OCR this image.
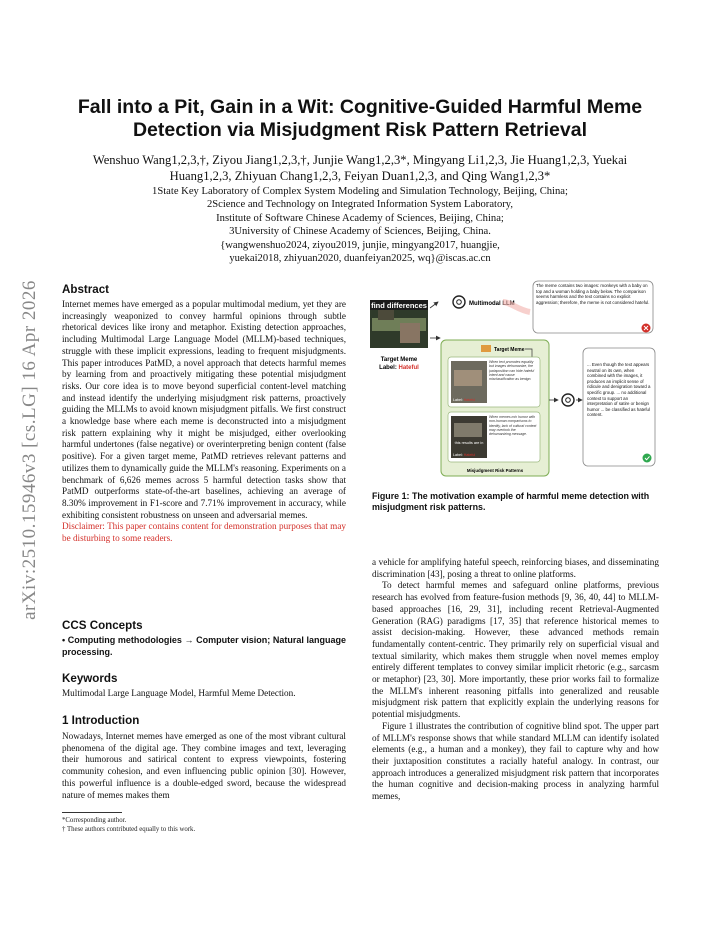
arXiv:2510.15946v3 [cs.LG] 16 Apr 2026
Fall into a Pit, Gain in a Wit: Cognitive-Guided Harmful Meme
Detection via Misjudgment Risk Pattern Retrieval
Wenshuo Wang1,2,3,†, Ziyou Jiang1,2,3,†, Junjie Wang1,2,3*, Mingyang Li1,2,3, Jie Huang1,2,3, Yuekai
Huang1,2,3, Zhiyuan Chang1,2,3, Feiyan Duan1,2,3, and Qing Wang1,2,3*
1State Key Laboratory of Complex System Modeling and Simulation Technology, Beijing, China;
2Science and Technology on Integrated Information System Laboratory,
Institute of Software Chinese Academy of Sciences, Beijing, China;
3University of Chinese Academy of Sciences, Beijing, China.
{wangwenshuo2024, ziyou2019, junjie, mingyang2017, huangjie,
yuekai2018, zhiyuan2020, duanfeiyan2025, wq}@iscas.ac.cn
Abstract

Internet memes have emerged as a popular multimodal medium, yet they are increasingly weaponized to convey harmful opinions through subtle rhetorical devices like irony and metaphor. Existing detection approaches, including Multimodal Large Language Model (MLLM)-based techniques, struggle with these implicit expressions, leading to frequent misjudgments. This paper introduces PatMD, a novel approach that detects harmful memes by learning from and proactively mitigating these potential misjudgment risks. Our core idea is to move beyond superficial content-level matching and instead identify the underlying misjudgment risk patterns, proactively guiding the MLLMs to avoid known misjudgment pitfalls. We first construct a knowledge base where each meme is deconstructed into a misjudgment risk pattern explaining why it might be misjudged, either overlooking harmful undertones (false negative) or overinterpreting benign content (false positive). For a given target meme, PatMD retrieves relevant patterns and utilizes them to dynamically guide the MLLM's reasoning. Experiments on a benchmark of 6,626 memes across 5 harmful detection tasks show that PatMD outperforms state-of-the-art baselines, achieving an average of 8.30% improvement in F1-score and 7.71% improvement in accuracy, while exhibiting consistent robustness on unseen and adversarial memes.

Disclaimer: This paper contains content for demonstration purposes that may be disturbing to some readers.

CCS Concepts

• Computing methodologies → Computer vision; Natural language processing.

Keywords

Multimodal Large Language Model, Harmful Meme Detection.

1 Introduction

Nowadays, Internet memes have emerged as one of the most vibrant cultural phenomena of the digital age. They combine images and text, leveraging their humorous and satirical content to express viewpoints, fostering community cohesion, and even influencing public opinion [30]. However, this powerful influence is a double-edged sword, because the widespread nature of memes makes them

*Corresponding author.
† These authors contributed equally to this work.
find differences
Target Meme
Label: Hateful
Multimodal LLM
The meme contains two images: monkeys with a baby on top and a woman holding a baby below. The comparison seems harmless and the text contains no explicit aggression; therefore, the meme is not considered hateful.
Target Meme
Label: Hateful
When text promotes equality but images dehumanize, the juxtaposition can hide hateful intent and cause misclassification as benign.
this results are in
Label: Hateful
When memes mix humor with non-human comparisons to identity, lack of cultural context may overlook the dehumanizing message.
Misjudgment Risk Patterns
... Even though the text appears neutral on its own, when combined with the images, it produces an implicit sense of ridicule and denigration toward a specific group. ... no additional context to support an interpretation of satire or benign humor ... be classified as hateful content.
Figure 1: The motivation example of harmful meme detection with misjudgment risk patterns.

a vehicle for amplifying hateful speech, reinforcing biases, and disseminating discrimination [43], posing a threat to online platforms.

To detect harmful memes and safeguard online platforms, previous research has evolved from feature-fusion methods [9, 36, 40, 44] to MLLM-based approaches [16, 29, 31], including recent Retrieval-Augmented Generation (RAG) paradigms [17, 35] that reference historical memes to assist decision-making. However, these advanced methods remain fundamentally content-centric. They primarily rely on superficial visual and textual similarity, which makes them struggle when novel memes employ entirely different templates to convey similar implicit rhetoric (e.g., sarcasm or metaphor) [23, 30]. More importantly, these prior works fail to formalize the MLLM's inherent reasoning pitfalls into generalized and reusable misjudgment risk pattern that explicitly explain the underlying reasons for potential misjudgments.

Figure 1 illustrates the contribution of cognitive blind spot. The upper part of MLLM's response shows that while standard MLLM can identify isolated elements (e.g., a human and a monkey), they fail to capture why and how their juxtaposition constitutes a racially hateful analogy. In contrast, our approach introduces a generalized misjudgment risk pattern that incorporates the human cognitive and decision-making process in analyzing harmful memes,
